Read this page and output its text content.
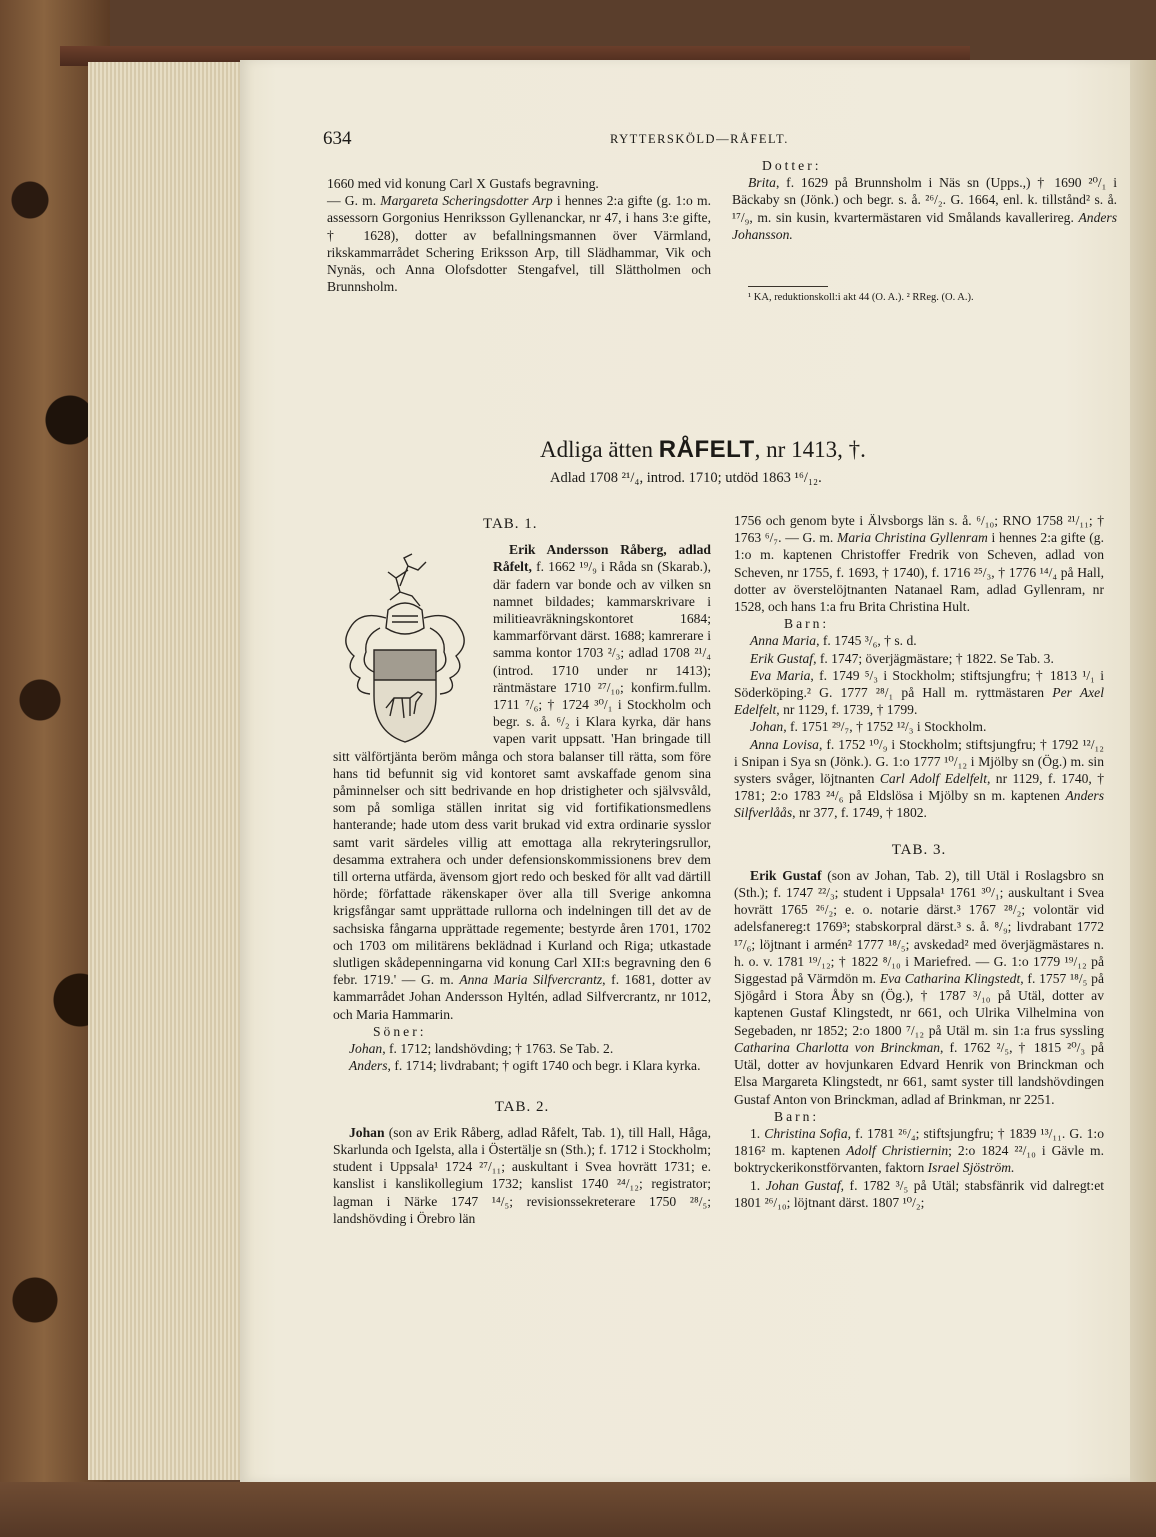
634	RYTTERSKÖLD—RÅFELT.

1660 med vid konung Carl X Gustafs begravning.
— G. m. Margareta Scheringsdotter Arp i hennes 2:a gifte (g. 1:o m. assessorn Gorgonius Henriksson Gyllenanckar, nr 47, i hans 3:e gifte, † 1628), dotter av befallningsmannen över Värmland, rikskammarrådet Schering Eriksson Arp, till Slädhammar, Vik och Nynäs, och Anna Olofsdotter Stengafvel, till Slättholmen och Brunnsholm.

Dotter:

Brita, f. 1629 på Brunnsholm i Näs sn (Upps.,) † 1690 ²⁰/₁ i Bäckaby sn (Jönk.) och begr. s. å. ²⁶/₂. G. 1664, enl. k. tillstånd² s. å. ¹⁷/₉, m. sin kusin, kvartermästaren vid Smålands kavallerireg. Anders Johansson.

¹ KA, reduktionskoll:i akt 44 (O. A.). ² RReg. (O. A.).
Adliga ätten RÅFELT, nr 1413, †.
Adlad 1708 ²¹/₄, introd. 1710; utdöd 1863 ¹⁶/₁₂.

TAB. 1.

Erik Andersson Råberg, adlad Råfelt, f. 1662 ¹⁹/₉ i Råda sn (Skarab.), där fadern var bonde och av vilken sn namnet bildades; kammarskrivare i militieavräkningskontoret 1684; kammarförvant därst. 1688; kamrerare i samma kontor 1703 ²/₃; adlad 1708 ²¹/₄ (introd. 1710 under nr 1413); räntmästare 1710 ²⁷/₁₀; konfirm.fullm. 1711 ⁷/₆; † 1724 ³⁰/₁ i Stockholm och begr. s. å. ⁶/₂ i Klara kyrka, där hans vapen varit uppsatt. 'Han bringade till sitt välförtjänta beröm många och stora balanser till rätta, som före hans tid befunnit sig vid kontoret samt avskaffade genom sina påminnelser och sitt bedrivande en hop dristigheter och självsvåld, som på somliga ställen inritat sig vid fortifikationsmedlens hanterande; hade utom dess varit brukad vid extra ordinarie sysslor samt varit särdeles villig att emottaga alla rekryteringsrullor, desamma extrahera och under defensionskommissionens brev dem till orterna utfärda, ävensom gjort redo och besked för allt vad därtill hörde; författade räkenskaper över alla till Sverige ankomna krigsfångar samt upprättade rullorna och indelningen till det av de sachsiska fångarna upprättade regemente; bestyrde åren 1701, 1702 och 1703 om militärens beklädnad i Kurland och Riga; utkastade slutligen skådepenningarna vid konung Carl XII:s begravning den 6 febr. 1719.' — G. m. Anna Maria Silfvercrantz, f. 1681, dotter av kammarrådet Johan Andersson Hyltén, adlad Silfvercrantz, nr 1012, och Maria Hammarin.

Söner:

Johan, f. 1712; landshövding; † 1763. Se Tab. 2.

Anders, f. 1714; livdrabant; † ogift 1740 och begr. i Klara kyrka.

TAB. 2.

Johan (son av Erik Råberg, adlad Råfelt, Tab. 1), till Hall, Håga, Skarlunda och Igelsta, alla i Östertälje sn (Sth.); f. 1712 i Stockholm; student i Uppsala¹ 1724 ²⁷/₁₁; auskultant i Svea hovrätt 1731; e. kanslist i kanslikollegium 1732; kanslist 1740 ²⁴/₁₂; registrator; lagman i Närke 1747 ¹⁴/₅; revisionssekreterare 1750 ²⁸/₅; landshövding i Örebro län

1756 och genom byte i Älvsborgs län s. å. ⁶/₁₀; RNO 1758 ²¹/₁₁; † 1763 ⁶/₇. — G. m. Maria Christina Gyllenram i hennes 2:a gifte (g. 1:o m. kaptenen Christoffer Fredrik von Scheven, adlad von Scheven, nr 1755, f. 1693, † 1740), f. 1716 ²⁵/₃, † 1776 ¹⁴/₄ på Hall, dotter av överstelöjtnanten Natanael Ram, adlad Gyllenram, nr 1528, och hans 1:a fru Brita Christina Hult.

Barn:

Anna Maria, f. 1745 ³/₆, † s. d.

Erik Gustaf, f. 1747; överjägmästare; † 1822. Se Tab. 3.

Eva Maria, f. 1749 ⁵/₃ i Stockholm; stiftsjungfru; † 1813 ¹/₁ i Söderköping.² G. 1777 ²⁸/₁ på Hall m. ryttmästaren Per Axel Edelfelt, nr 1129, f. 1739, † 1799.

Johan, f. 1751 ²⁹/₇, † 1752 ¹²/₃ i Stockholm.

Anna Lovisa, f. 1752 ¹⁰/₉ i Stockholm; stiftsjungfru; † 1792 ¹²/₁₂ i Snipan i Sya sn (Jönk.). G. 1:o 1777 ¹⁰/₁₂ i Mjölby sn (Ög.) m. sin systers svåger, löjtnanten Carl Adolf Edelfelt, nr 1129, f. 1740, † 1781; 2:o 1783 ²⁴/₆ på Eldslösa i Mjölby sn m. kaptenen Anders Silfverlåås, nr 377, f. 1749, † 1802.

TAB. 3.

Erik Gustaf (son av Johan, Tab. 2), till Utäl i Roslagsbro sn (Sth.); f. 1747 ²²/₃; student i Uppsala¹ 1761 ³⁰/₁; auskultant i Svea hovrätt 1765 ²⁶/₂; e. o. notarie därst.³ 1767 ²⁸/₂; volontär vid adelsfanereg:t 1769³; stabskorpral därst.³ s. å. ⁸/₉; livdrabant 1772 ¹⁷/₆; löjtnant i armén² 1777 ¹⁸/₅; avskedad² med överjägmästares n. h. o. v. 1781 ¹⁹/₁₂; † 1822 ⁸/₁₀ i Mariefred. — G. 1:o 1779 ¹⁹/₁₂ på Siggestad på Värmdön m. Eva Catharina Klingstedt, f. 1757 ¹⁸/₅ på Sjögård i Stora Åby sn (Ög.), † 1787 ³/₁₀ på Utäl, dotter av kaptenen Gustaf Klingstedt, nr 661, och Ulrika Vilhelmina von Segebaden, nr 1852; 2:o 1800 ⁷/₁₂ på Utäl m. sin 1:a frus syssling Catharina Charlotta von Brinckman, f. 1762 ²/₅, † 1815 ²⁰/₃ på Utäl, dotter av hovjunkaren Edvard Henrik von Brinckman och Elsa Margareta Klingstedt, nr 661, samt syster till landshövdingen Gustaf Anton von Brinckman, adlad af Brinkman, nr 2251.

Barn:

1. Christina Sofia, f. 1781 ²⁶/₄; stiftsjungfru; † 1839 ¹³/₁₁. G. 1:o 1816² m. kaptenen Adolf Christiernin; 2:o 1824 ²²/₁₀ i Gävle m. boktryckerikonstförvanten, faktorn Israel Sjöström.

1. Johan Gustaf, f. 1782 ³/₅ på Utäl; stabsfänrik vid dalregt:et 1801 ²⁶/₁₀; löjtnant därst. 1807 ¹⁰/₂;
